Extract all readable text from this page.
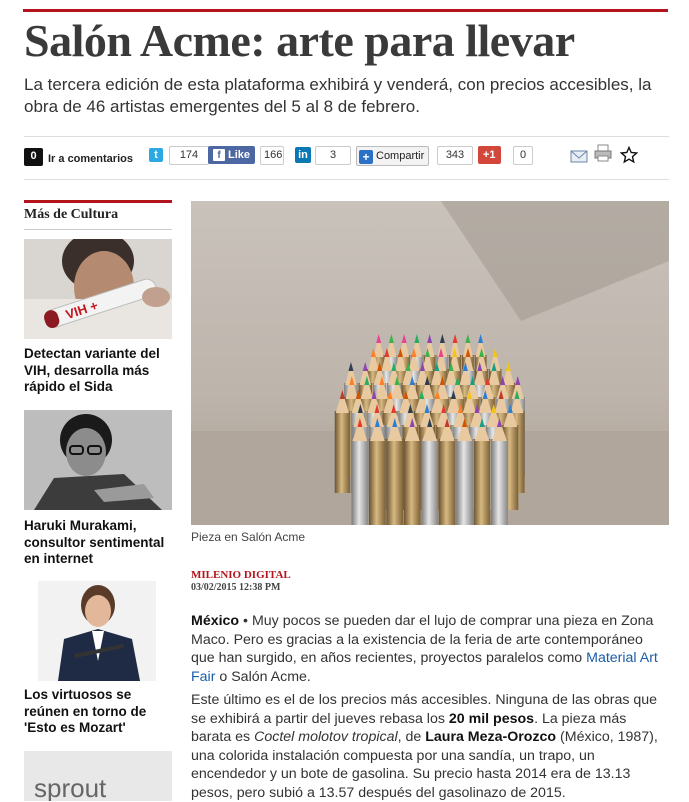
Salón Acme: arte para llevar

La tercera edición de esta plataforma exhibirá y venderá, con precios accesibles, la obra de 46 artistas emergentes del 5 al 8 de febrero.

0	Ir a comentarios	t	174	f Like	166 in	3	+ Compartir	343	+1	0
Más de Cultura
VIH +

Detectan variante del VIH, desarrolla más rápido el Sida

Haruki Murakami, consultor sentimental en internet

Los virtuosos se reúnen en torno de 'Esto es Mozart'

sprout
Pieza en Salón Acme
MILENIO DIGITAL
03/02/2015 12:38 PM

México • Muy pocos se pueden dar el lujo de comprar una pieza en Zona Maco. Pero es gracias a la existencia de la feria de arte contemporáneo que han surgido, en años recientes, proyectos paralelos como Material Art Fair o Salón Acme.

Este último es el de los precios más accesibles. Ninguna de las obras que se exhibirá a partir del jueves rebasa los 20 mil pesos. La pieza más barata es Coctel molotov tropical, de Laura Meza-Orozco (México, 1987), una colorida instalación compuesta por una sandía, un trapo, un encendedor y un bote de gasolina. Su precio hasta 2014 era de 13.13 pesos, pero subió a 13.57 después del gasolinazo de 2015.
